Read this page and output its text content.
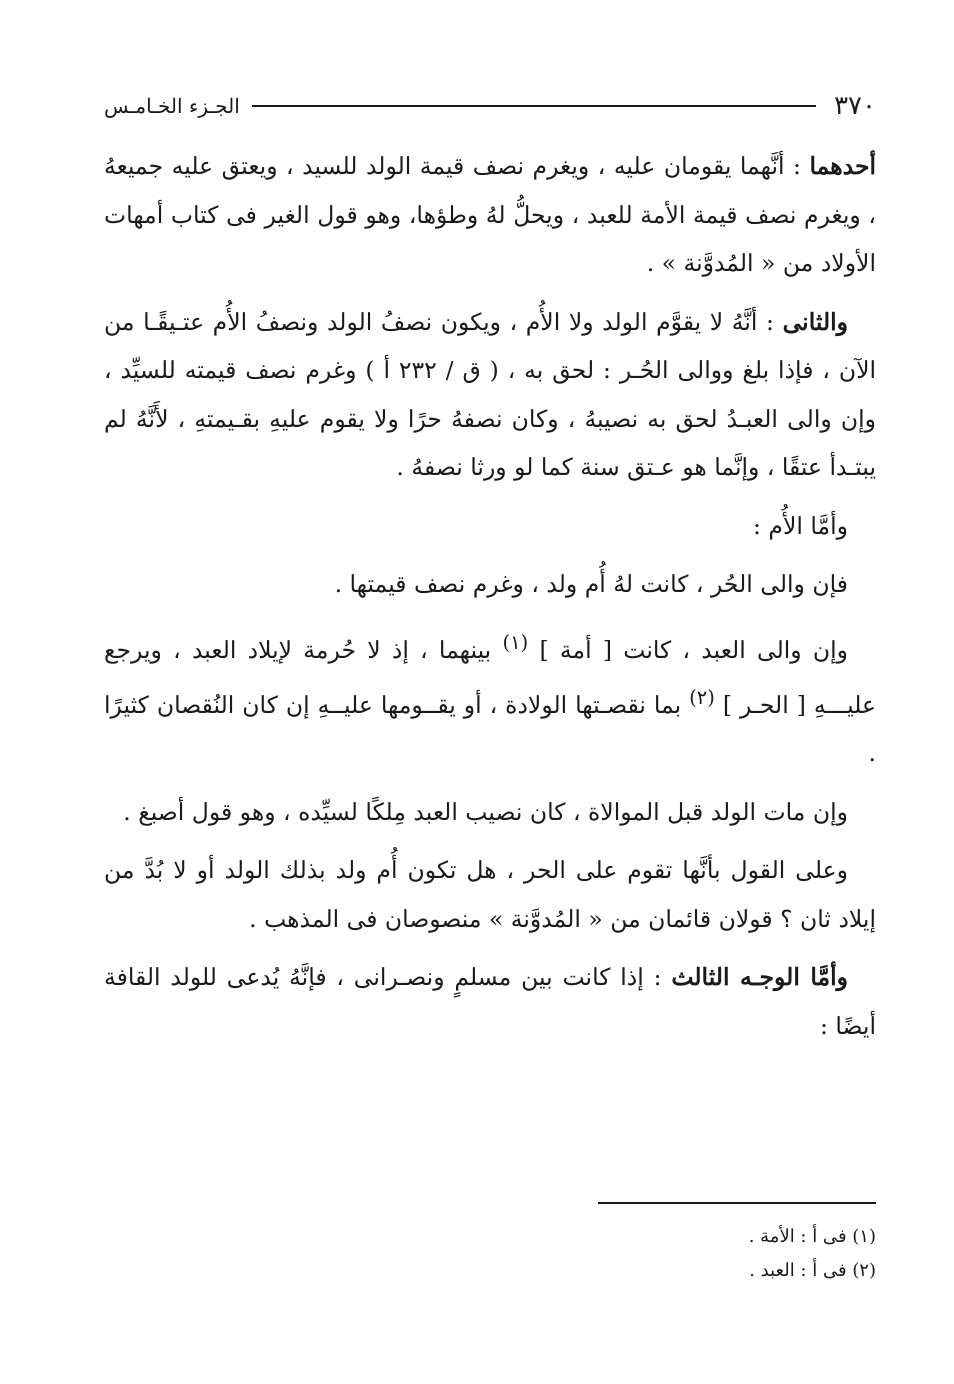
٣٧٠
الجـزء الخـامـس

أحدهما : أنَّهما يقومان عليه ، ويغرم نصف قيمة الولد للسيد ، ويعتق عليه جميعهُ ، ويغرم نصف قيمة الأمة للعبد ، ويحلُّ لهُ وطؤها، وهو قول الغير فى كتاب أمهات الأولاد من « المُدوَّنة » .

والثانى : أنَّهُ لا يقوَّم الولد ولا الأُم ، ويكون نصفُ الولد ونصفُ الأُم عتـيقًـا من الآن ، فإذا بلغ ووالى الحُـر : لحق به ، ( ق / ٢٣٢ أ ) وغرم نصف قيمته للسيِّد ، وإن والى العبـدُ لحق به نصيبهُ ، وكان نصفهُ حرًا ولا يقوم عليهِ بقـيمتهِ ، لأَنَّهُ لم يبتـدأ عتقًا ، وإنَّما هو عـتق سنة كما لو ورثا نصفهُ .

وأمَّا الأُم :

فإن والى الحُر ، كانت لهُ أُم ولد ، وغرم نصف قيمتها .

وإن والى العبد ، كانت [ أمة ] $^{(١)}$ بينهما ، إذ لا حُرمة لإيلاد العبد ، ويرجع عليـــهِ [ الحـر ] $^{(٢)}$ بما نقصـتها الولادة ، أو يقــومها عليــهِ إن كان النُقصان كثيرًا .

وإن مات الولد قبل الموالاة ، كان نصيب العبد مِلكًا لسيِّده ، وهو قول أصبغ .

وعلى القول بأنَّها تقوم على الحر ، هل تكون أُم ولد بذلك الولد أو لا بُدَّ من إيلاد ثان ؟ قولان قائمان من « المُدوَّنة » منصوصان فى المذهب .

وأمَّا الوجـه الثالث : إذا كانت بين مسلمٍ ونصـرانى ، فإنَّهُ يُدعى للولد القافة أيضًا :

(١) فى أ : الأمة .

(٢) فى أ : العبد .
